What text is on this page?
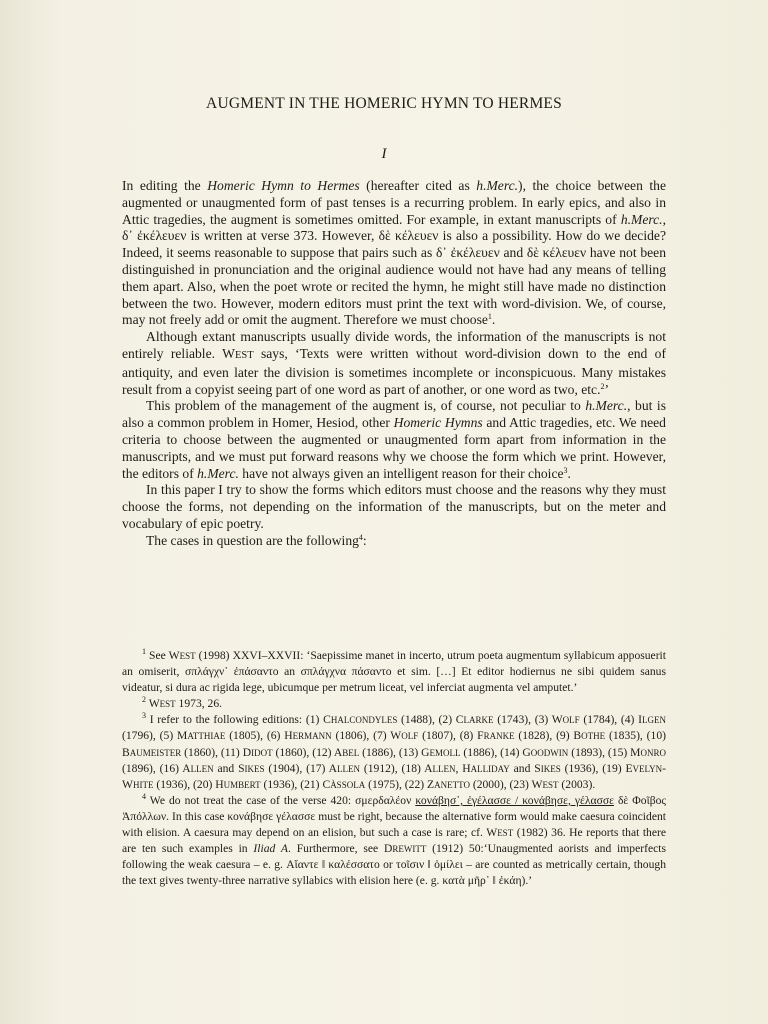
AUGMENT IN THE HOMERIC HYMN TO HERMES
I

In editing the Homeric Hymn to Hermes (hereafter cited as h.Merc.), the choice between the augmented or unaugmented form of past tenses is a recurring problem. In early epics, and also in Attic tragedies, the augment is sometimes omitted. For example, in extant manuscripts of h.Merc., δ᾽ ἐκέλευεν is written at verse 373. However, δὲ κέλευεν is also a possibility. How do we decide? Indeed, it seems reasonable to suppose that pairs such as δ᾽ ἐκέλευεν and δὲ κέλευεν have not been distinguished in pronunciation and the original audience would not have had any means of telling them apart. Also, when the poet wrote or recited the hymn, he might still have made no distinction between the two. However, modern editors must print the text with word-division. We, of course, may not freely add or omit the augment. Therefore we must choose$^1$.

Although extant manuscripts usually divide words, the information of the manuscripts is not entirely reliable. WEST says, ‘Texts were written without word-division down to the end of antiquity, and even later the division is sometimes incomplete or inconspicuous. Many mistakes result from a copyist seeing part of one word as part of another, or one word as two, etc.$^2$’

This problem of the management of the augment is, of course, not peculiar to h.Merc., but is also a common problem in Homer, Hesiod, other Homeric Hymns and Attic tragedies, etc. We need criteria to choose between the augmented or unaugmented form apart from information in the manuscripts, and we must put forward reasons why we choose the form which we print. However, the editors of h.Merc. have not always given an intelligent reason for their choice$^3$.

In this paper I try to show the forms which editors must choose and the reasons why they must choose the forms, not depending on the information of the manuscripts, but on the meter and vocabulary of epic poetry.

The cases in question are the following$^4$:

$^1$ See WEST (1998) XXVI–XXVII: ‘Saepissime manet in incerto, utrum poeta augmentum syllabicum apposuerit an omiserit, σπλάγχν᾽ ἐπάσαντο an σπλάγχνα πάσαντο et sim. […] Et editor hodiernus ne sibi quidem sanus videatur, si dura ac rigida lege, ubicumque per metrum liceat, vel inferciat augmenta vel amputet.’

$^2$ WEST 1973, 26.

$^3$ I refer to the following editions: (1) CHALCONDYLES (1488), (2) CLARKE (1743), (3) WOLF (1784), (4) ILGEN (1796), (5) MATTHIAE (1805), (6) HERMANN (1806), (7) WOLF (1807), (8) FRANKE (1828), (9) BOTHE (1835), (10) BAUMEISTER (1860), (11) DIDOT (1860), (12) ABEL (1886), (13) GEMOLL (1886), (14) GOODWIN (1893), (15) MONRO (1896), (16) ALLEN and SIKES (1904), (17) ALLEN (1912), (18) ALLEN, HALLIDAY and SIKES (1936), (19) EVELYN-WHITE (1936), (20) HUMBERT (1936), (21) CÀSSOLA (1975), (22) ZANETTO (2000), (23) WEST (2003).

$^4$ We do not treat the case of the verse 420: σμερδαλέον κονάβησ᾽, ἐγέλασσε / κονάβησε, γέλασσε δὲ Φοῖβος Ἀπόλλων. In this case κονάβησε γέλασσε must be right, because the alternative form would make caesura coincident with elision. A caesura may depend on an elision, but such a case is rare; cf. WEST (1982) 36. He reports that there are ten such examples in Iliad A. Furthermore, see DREWITT (1912) 50:‘Unaugmented aorists and imperfects following the weak caesura – e. g. Αἴαντε ǁ καλέσσατο or τοῖσιν ǁ ὁμίλει – are counted as metrically certain, though the text gives twenty-three narrative syllabics with elision here (e. g. κατὰ μῆρ᾽ ǁ ἐκάη).’
